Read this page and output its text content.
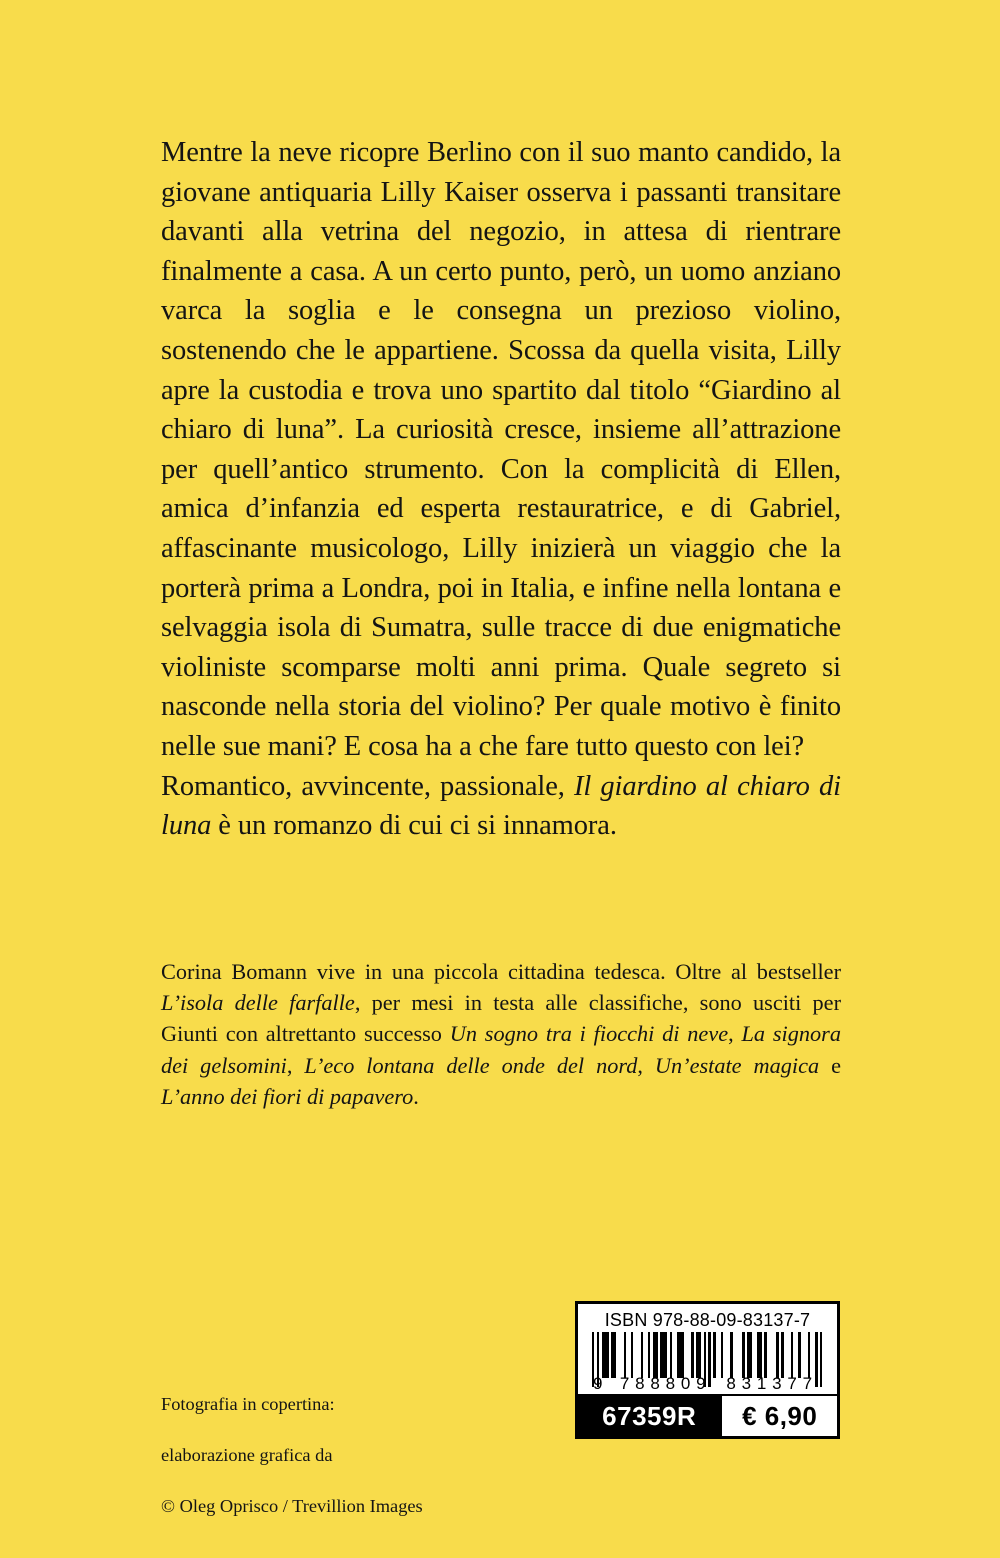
Mentre la neve ricopre Berlino con il suo manto candido, la giovane antiquaria Lilly Kaiser osserva i passanti transitare davanti alla vetrina del negozio, in attesa di rientrare finalmente a casa. A un certo punto, però, un uomo anziano varca la soglia e le consegna un prezioso violino, sostenendo che le appartiene. Scossa da quella visita, Lilly apre la custodia e trova uno spartito dal titolo “Giardino al chiaro di luna”. La curiosità cresce, insieme all’attrazione per quell’antico strumento. Con la complicità di Ellen, amica d’infanzia ed esperta restauratrice, e di Gabriel, affascinante musicologo, Lilly inizierà un viaggio che la porterà prima a Londra, poi in Italia, e infine nella lontana e selvaggia isola di Sumatra, sulle tracce di due enigmatiche violiniste scomparse molti anni prima. Quale segreto si nasconde nella storia del violino? Per quale motivo è finito nelle sue mani? E cosa ha a che fare tutto questo con lei?

Romantico, avvincente, passionale, Il giardino al chiaro di luna è un romanzo di cui ci si innamora.

Corina Bomann vive in una piccola cittadina tedesca. Oltre al bestseller L’isola delle farfalle, per mesi in testa alle classifiche, sono usciti per Giunti con altrettanto successo Un sogno tra i fiocchi di neve, La signora dei gelsomini, L’eco lontana delle onde del nord, Un’estate magica e L’anno dei fiori di papavero.

Fotografia in copertina:

elaborazione grafica da

© Oleg Oprisco / Trevillion Images

ISBN 978-88-09-83137-7
9	7 8 8 8 0 9 8 3 1 3 7 7
67359R	€ 6,90
